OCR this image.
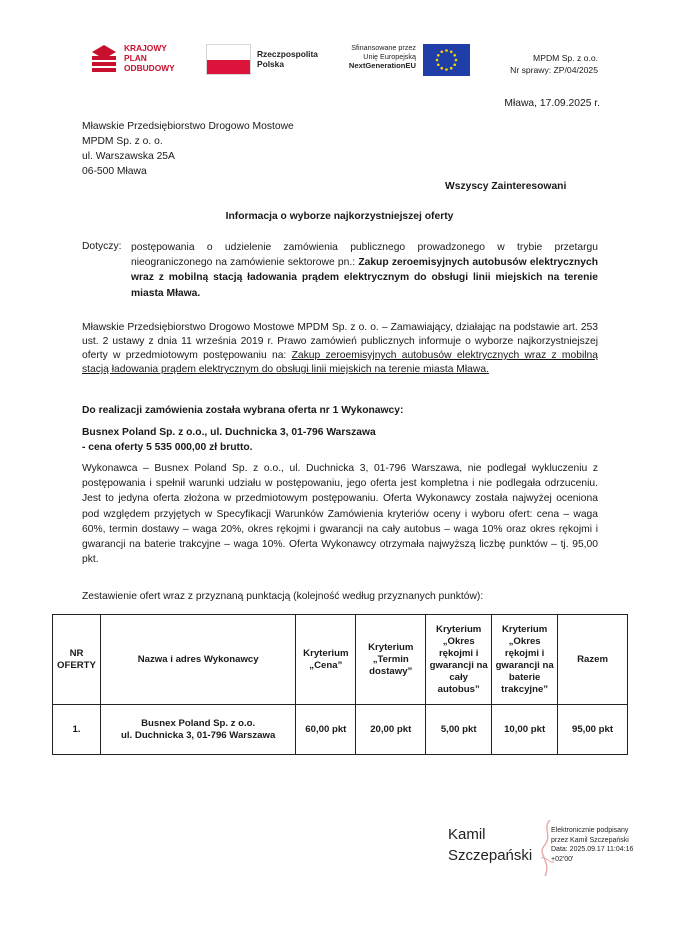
KRAJOWY
PLAN
ODBUDOWY
Rzeczpospolita
Polska
Sfinansowane przez
Unię Europejską
NextGenerationEU
MPDM Sp. z o.o.
Nr sprawy: ZP/04/2025
Mława, 17.09.2025 r.
Mławskie Przedsiębiorstwo Drogowo Mostowe
MPDM Sp. z o. o.
ul. Warszawska 25A
06-500 Mława
Wszyscy Zainteresowani
Informacja o wyborze najkorzystniejszej oferty
Dotyczy: postępowania o udzielenie zamówienia publicznego prowadzonego w trybie przetargu nieograniczonego na zamówienie sektorowe pn.: Zakup zeroemisyjnych autobusów elektrycznych wraz z mobilną stacją ładowania prądem elektrycznym do obsługi linii miejskich na terenie miasta Mława.
Mławskie Przedsiębiorstwo Drogowo Mostowe MPDM Sp. z o. o. – Zamawiający, działając na podstawie art. 253 ust. 2 ustawy z dnia 11 września 2019 r. Prawo zamówień publicznych informuje o wyborze najkorzystniejszej oferty w przedmiotowym postępowaniu na: Zakup zeroemisyjnych autobusów elektrycznych wraz z mobilną stacją ładowania prądem elektrycznym do obsługi linii miejskich na terenie miasta Mława.
Do realizacji zamówienia została wybrana oferta nr 1 Wykonawcy:
Busnex Poland Sp. z o.o., ul. Duchnicka 3, 01-796 Warszawa
- cena oferty 5 535 000,00 zł brutto.
Wykonawca – Busnex Poland Sp. z o.o., ul. Duchnicka 3, 01-796 Warszawa, nie podlegał wykluczeniu z postępowania i spełnił warunki udziału w postępowaniu, jego oferta jest kompletna i nie podlegała odrzuceniu. Jest to jedyna oferta złożona w przedmiotowym postępowaniu. Oferta Wykonawcy została najwyżej oceniona pod względem przyjętych w Specyfikacji Warunków Zamówienia kryteriów oceny i wyboru ofert: cena – waga 60%, termin dostawy – waga 20%, okres rękojmi i gwarancji na cały autobus – waga 10% oraz okres rękojmi i gwarancji na baterie trakcyjne – waga 10%. Oferta Wykonawcy otrzymała najwyższą liczbę punktów – tj. 95,00 pkt.
Zestawienie ofert wraz z przyznaną punktacją (kolejność według przyznanych punktów):
NR OFERTY	Nazwa i adres Wykonawcy	Kryterium „Cena”	Kryterium „Termin dostawy”	Kryterium „Okres rękojmi i gwarancji na cały autobus”	Kryterium „Okres rękojmi i gwarancji na baterie trakcyjne”	Razem
1.	Busnex Poland Sp. z o.o.
ul. Duchnicka 3, 01-796 Warszawa	60,00 pkt	20,00 pkt	5,00 pkt	10,00 pkt	95,00 pkt
Kamil
Szczepański
Elektronicznie podpisany
przez Kamil Szczepański
Data: 2025.09.17 11:04:16
+02'00'
